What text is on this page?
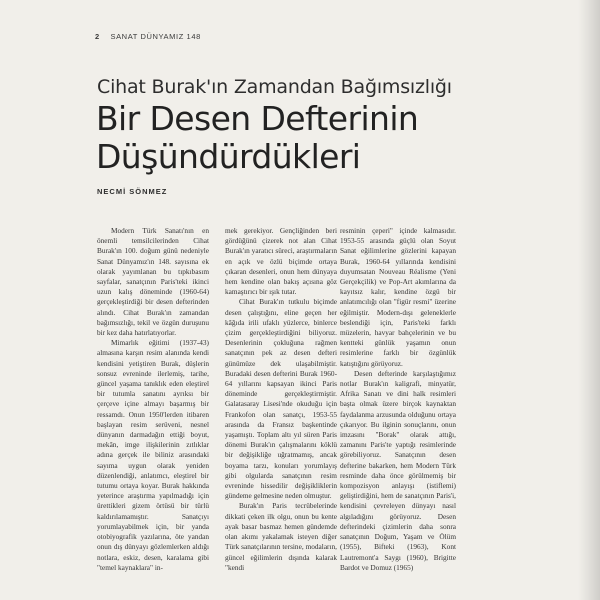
2 SANAT DÜNYAMIZ 148
Cihat Burak'ın Zamandan Bağımsızlığı
Bir Desen Defterinin
Düşündürdükleri
NECMİ SÖNMEZ

Modern Türk Sanatı'nın en önemli temsilcilerinden Cihat Burak'ın 100. doğum günü nedeniyle Sanat Dünyamız'ın 148. sayısına ek olarak yayımlanan bu tıpkıbasım sayfalar, sanatçının Paris'teki ikinci uzun kalış döneminde (1960-64) gerçekleştirdiği bir desen defterinden alındı. Cihat Burak'ın zamandan bağımsızlığı, tekil ve özgün duruşunu bir kez daha hatırlatıyorlar.

Mimarlık eğitimi (1937-43) almasına karşın resim alanında kendi kendisini yetiştiren Burak, düşlerin sonsuz evreninde ilerlemiş, tarihe, güncel yaşama tanıklık eden eleştirel bir tutumla sanatını ayrıksı bir çerçeve içine almayı başarmış bir ressamdı. Onun 1950'lerden itibaren başlayan resim serüveni, nesnel dünyanın darmadağın ettiği boyut, mekân, imge ilişkilerinin zıtlıklar adına gerçek ile biliniz arasındaki sayıma uygun olarak yeniden düzenlendiği, anlatımcı, eleştirel bir tutumu ortaya koyar. Burak hakkında yeterince araştırma yapılmadığı için ürettikleri gizem örtüsü bir türlü kaldırılamamıştır. Sanatçıyı yorumlayabilmek için, bir yanda otobiyografik yazılarına, öte yandan onun dış dünyayı gözlemlerken aldığı notlara, eskiz, desen, karalama gibi "temel kaynaklara" in-

mek gerekiyor. Gençliğinden beri gördüğünü çizerek not alan Cihat Burak'ın yaratıcı süreci, araştırmaların en açık ve özlü biçimde ortaya çıkaran desenleri, onun hem dünyaya hem kendine olan bakış açısına göz kamaştırıcı bir ışık tutar.

Cihat Burak'ın tutkulu biçimde desen çalıştığını, eline geçen her kâğıda irili ufaklı yüzlerce, binlerce çizim gerçekleştirdiğini biliyoruz. Desenlerinin çokluğuna rağmen sanatçının pek az desen defteri günümüze dek ulaşabilmiştir. Buradaki desen defterini Burak 1960-64 yıllarını kapsayan ikinci Paris döneminde gerçekleştirmiştir. Galatasaray Lisesi'nde okuduğu için Frankofon olan sanatçı, 1953-55 arasında da Fransız başkentinde yaşamıştı. Toplam altı yıl süren Paris dönemi Burak'ın çalışmalarını köklü bir değişikliğe uğratmamış, ancak boyama tarzı, konuları yorumlayış gibi olgularda sanatçının resim evreninde hissedilir değişikliklerin gündeme gelmesine neden olmuştur.

Burak'ın Paris tecrübelerinde dikkati çeken ilk olgu, onun bu kente ayak basar basmaz hemen gündemde olan akımı yakalamak isteyen diğer Türk sanatçılarının tersine, modaların, güncel eğilimlerin dışında kalarak "kendi

resminin çeperi" içinde kalmasıdır. 1953-55 arasında güçlü olan Soyut Sanat eğilimlerine gözlerini kapayan Burak, 1960-64 yıllarında kendisini duyumsatan Nouveau Réalisme (Yeni Gerçekçilik) ve Pop-Art akımlarına da kayıtsız kalır, kendine özgü bir anlatımcılığı olan "figür resmi" üzerine eğilmiştir. Modern-dışı geleneklerle beslendiği için, Paris'teki farklı müzelerin, havyar bahçelerinin ve bu kentteki günlük yaşamın onun resimlerine farklı bir özgünlük katıştığını görüyoruz.

Desen defterinde karşılaştığımız notlar Burak'ın kaligrafi, minyatür, Afrika Sanatı ve dini halk resimleri başta olmak üzere birçok kaynaktan faydalanma arzusunda olduğunu ortaya çıkarıyor. Bu ilginin sonuçlarını, onun imzasını "Borak" olarak attığı, zamanını Paris'te yaptığı resimlerinde görebiliyoruz. Sanatçının desen defterine bakarken, hem Modern Türk resminde daha önce görülmemiş bir kompozisyon anlayışı (istiflemi) geliştirdiğini, hem de sanatçının Paris'i, kendisini çevreleyen dünyayı nasıl algıladığını görüyoruz. Desen defterindeki çizimlerin daha sonra sanatçının Doğum, Yaşam ve Ölüm (1955), Bifteki (1963), Kont Lautremont'a Saygı (1960), Brigitte Bardot ve Domuz (1965)
